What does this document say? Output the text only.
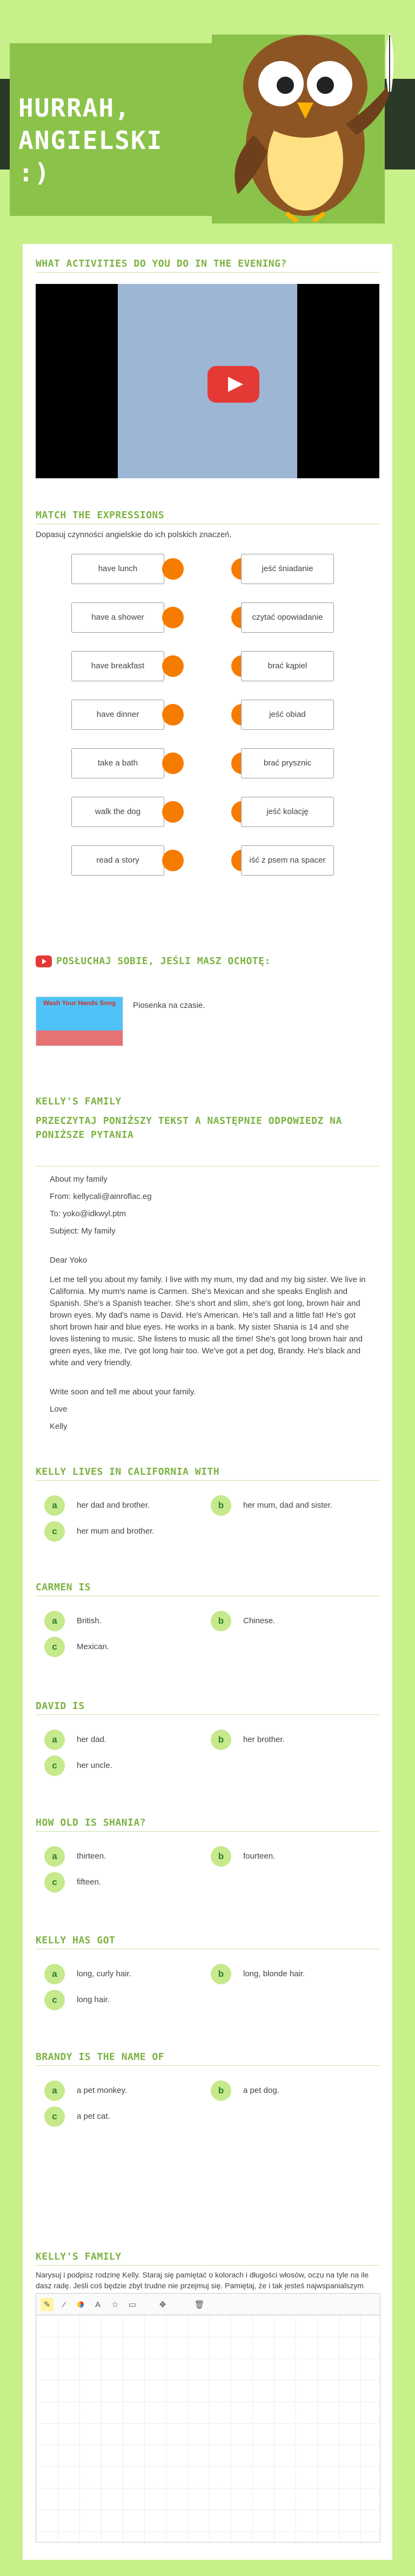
HURRAH,
ANGIELSKI :)
WHAT ACTIVITIES DO YOU DO IN THE EVENING?
MATCH THE EXPRESSIONS
Dopasuj czynności angielskie do ich polskich znaczeń.
have lunch
have a shower
have breakfast
have dinner
take a bath
walk the dog
read a story
jeść śniadanie
czytać opowiadanie
brać kąpiel
jeść obiad
brać prysznic
jeść kolację
iść z psem na spacer
POSŁUCHAJ SOBIE, JEŚLI MASZ OCHOTĘ:
Wash Your Hands Song	Piosenka na czasie.
KELLY'S FAMILY
PRZECZYTAJ PONIŻSZY TEKST A NASTĘPNIE ODPOWIEDZ NA PONIŻSZE PYTANIA
About my family
From: kellycali@ainroflac.eg
To: yoko@idkwyl.ptm
Subject: My family
Dear Yoko
Let me tell you about my family. I live with my mum, my dad and my big sister. We live in California. My mum's name is Carmen. She's Mexican and she speaks English and Spanish. She's a Spanish teacher. She's short and slim, she's got long, brown hair and brown eyes. My dad's name is David. He's American. He's tall and a little fat! He's got short brown hair and blue eyes. He works in a bank. My sister Shania is 14 and she loves listening to music. She listens to music all the time! She's got long brown hair and green eyes, like me. I've got long hair too. We've got a pet dog, Brandy. He's black and white and very friendly.
Write soon and tell me about your family.
Love
Kelly
KELLY LIVES IN CALIFORNIA WITH
a	her dad and brother.	b	her mum, dad and sister.
c	her mum and brother.
CARMEN IS
a	British.	b	Chinese.
c	Mexican.
DAVID IS
a	her dad.	b	her brother.
c	her uncle.
HOW OLD IS SHANIA?
a	thirteen.	b	fourteen.
c	fifteen.
KELLY HAS GOT
a	long, curly hair.	b	long, blonde hair.
c	long hair.
BRANDY IS THE NAME OF
a	a pet monkey.	b	a pet dog.
c	a pet cat.
KELLY'S FAMILY
Narysuj i podpisz rodzinę Kelly. Staraj się pamiętać o kolorach i długości włosów, oczu na tyle na ile dasz radę. Jeśli coś będzie zbyt trudne nie przejmuj się. Pamiętaj, że i tak jesteś najwspanialszym
✎	⁄	A	☆	▭	✥	🗑
